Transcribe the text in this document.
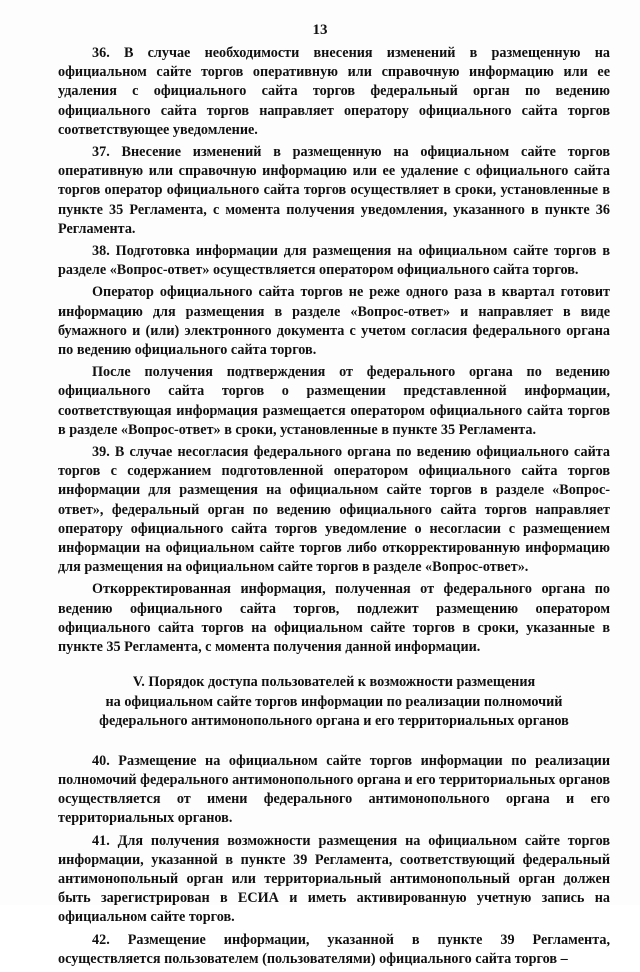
13

36. В случае необходимости внесения изменений в размещенную на официальном сайте торгов оперативную или справочную информацию или ее удаления с официального сайта торгов федеральный орган по ведению официального сайта торгов направляет оператору официального сайта торгов соответствующее уведомление.

37. Внесение изменений в размещенную на официальном сайте торгов оперативную или справочную информацию или ее удаление с официального сайта торгов оператор официального сайта торгов осуществляет в сроки, установленные в пункте 35 Регламента, с момента получения уведомления, указанного в пункте 36 Регламента.

38. Подготовка информации для размещения на официальном сайте торгов в разделе «Вопрос-ответ» осуществляется оператором официального сайта торгов.

Оператор официального сайта торгов не реже одного раза в квартал готовит информацию для размещения в разделе «Вопрос-ответ» и направляет в виде бумажного и (или) электронного документа с учетом согласия федерального органа по ведению официального сайта торгов.

После получения подтверждения от федерального органа по ведению официального сайта торгов о размещении представленной информации, соответствующая информация размещается оператором официального сайта торгов в разделе «Вопрос-ответ» в сроки, установленные в пункте 35 Регламента.

39. В случае несогласия федерального органа по ведению официального сайта торгов с содержанием подготовленной оператором официального сайта торгов информации для размещения на официальном сайте торгов в разделе «Вопрос-ответ», федеральный орган по ведению официального сайта торгов направляет оператору официального сайта торгов уведомление о несогласии с размещением информации на официальном сайте торгов либо откорректированную информацию для размещения на официальном сайте торгов в разделе «Вопрос-ответ».

Откорректированная информация, полученная от федерального органа по ведению официального сайта торгов, подлежит размещению оператором официального сайта торгов на официальном сайте торгов в сроки, указанные в пункте 35 Регламента, с момента получения данной информации.

V. Порядок доступа пользователей к возможности размещения
на официальном сайте торгов информации по реализации полномочий
федерального антимонопольного органа и его территориальных органов

40. Размещение на официальном сайте торгов информации по реализации полномочий федерального антимонопольного органа и его территориальных органов осуществляется от имени федерального антимонопольного органа и его территориальных органов.

41. Для получения возможности размещения на официальном сайте торгов информации, указанной в пункте 39 Регламента, соответствующий федеральный антимонопольный орган или территориальный антимонопольный орган должен быть зарегистрирован в ЕСИА и иметь активированную учетную запись на официальном сайте торгов.

42. Размещение информации, указанной в пункте 39 Регламента, осуществляется пользователем (пользователями) официального сайта торгов –
